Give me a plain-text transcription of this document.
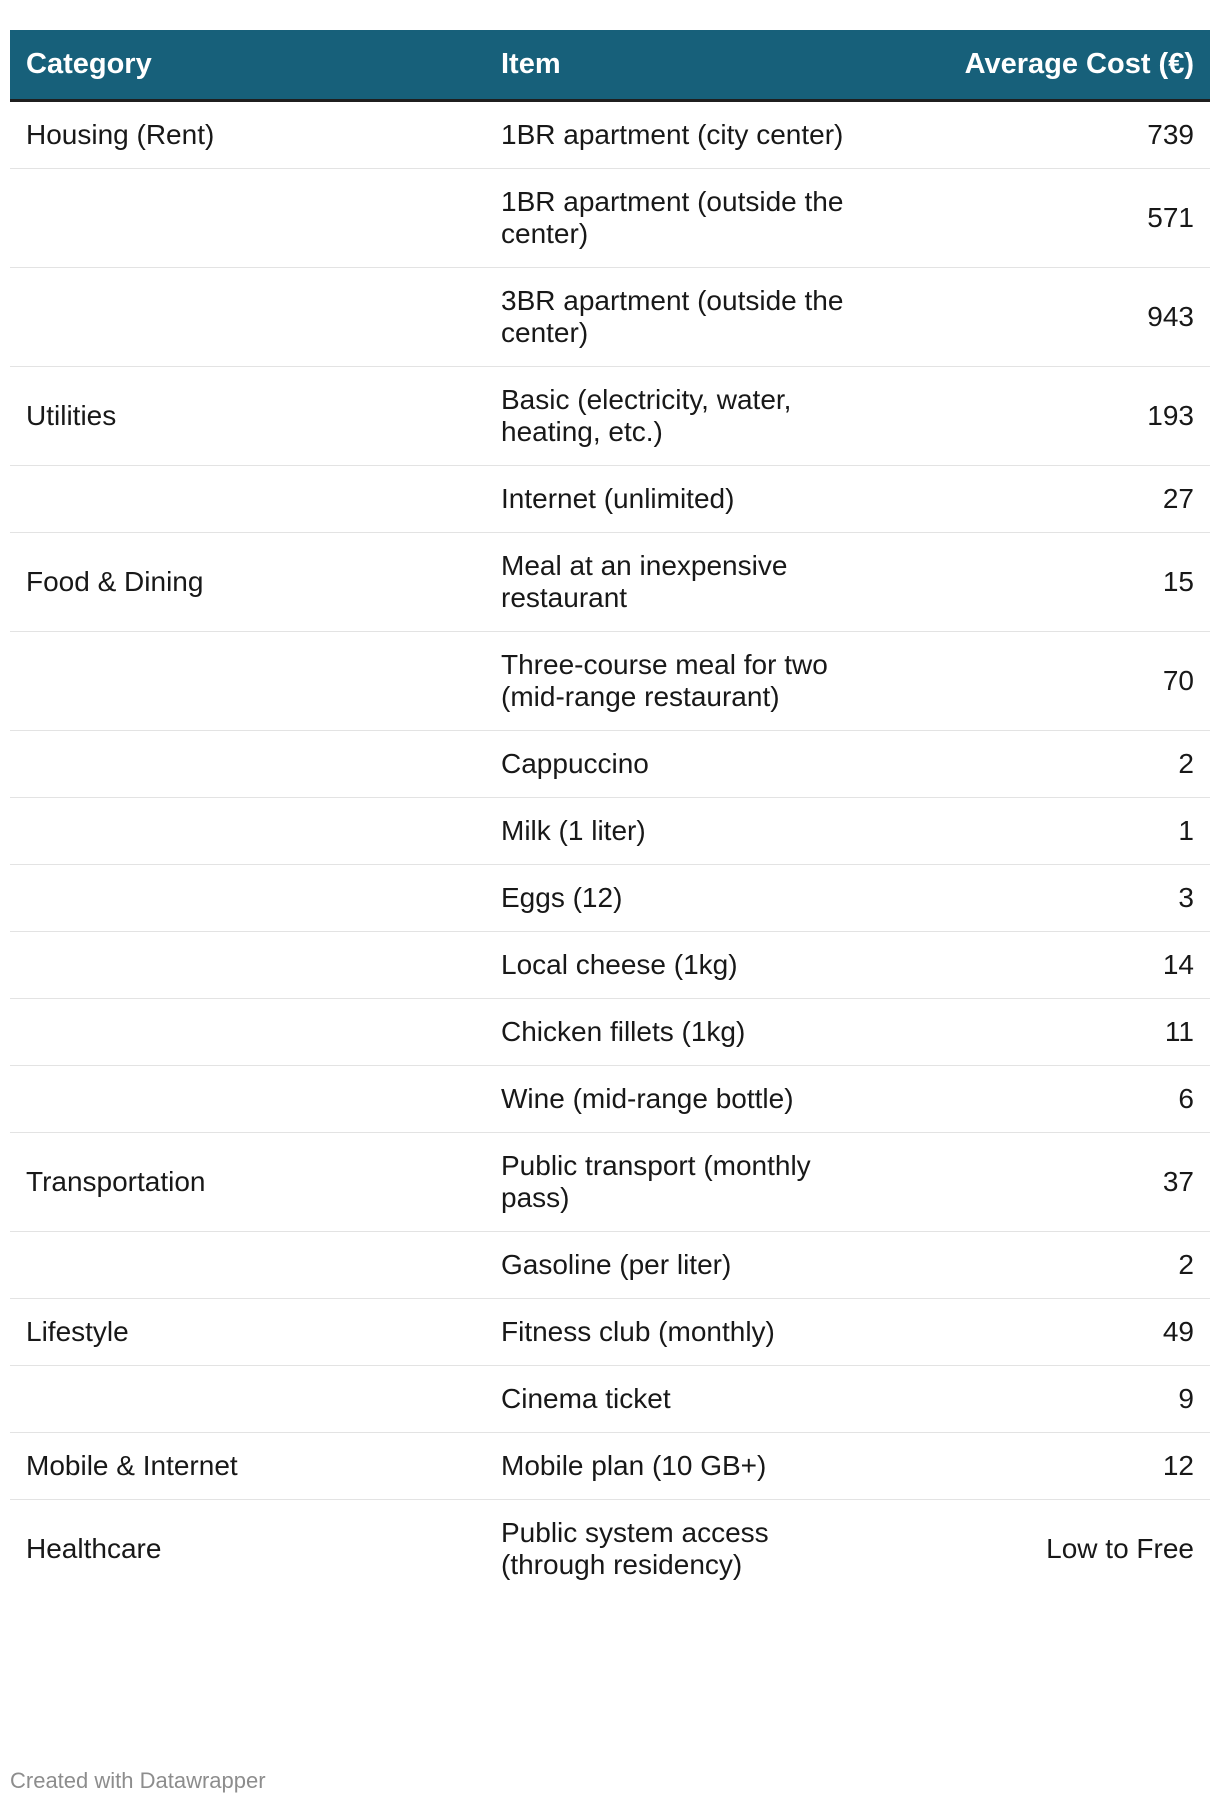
Category	Item	Average Cost (€)
Housing (Rent)	1BR apartment (city center)	739
	1BR apartment (outside the center)	571
	3BR apartment (outside the center)	943
Utilities	Basic (electricity, water, heating, etc.)	193
	Internet (unlimited)	27
Food & Dining	Meal at an inexpensive restaurant	15
	Three-course meal for two (mid-range restaurant)	70
	Cappuccino	2
	Milk (1 liter)	1
	Eggs (12)	3
	Local cheese (1kg)	14
	Chicken fillets (1kg)	11
	Wine (mid-range bottle)	6
Transportation	Public transport (monthly pass)	37
	Gasoline (per liter)	2
Lifestyle	Fitness club (monthly)	49
	Cinema ticket	9
Mobile & Internet	Mobile plan (10 GB+)	12
Healthcare	Public system access (through residency)	Low to Free
Created with Datawrapper
